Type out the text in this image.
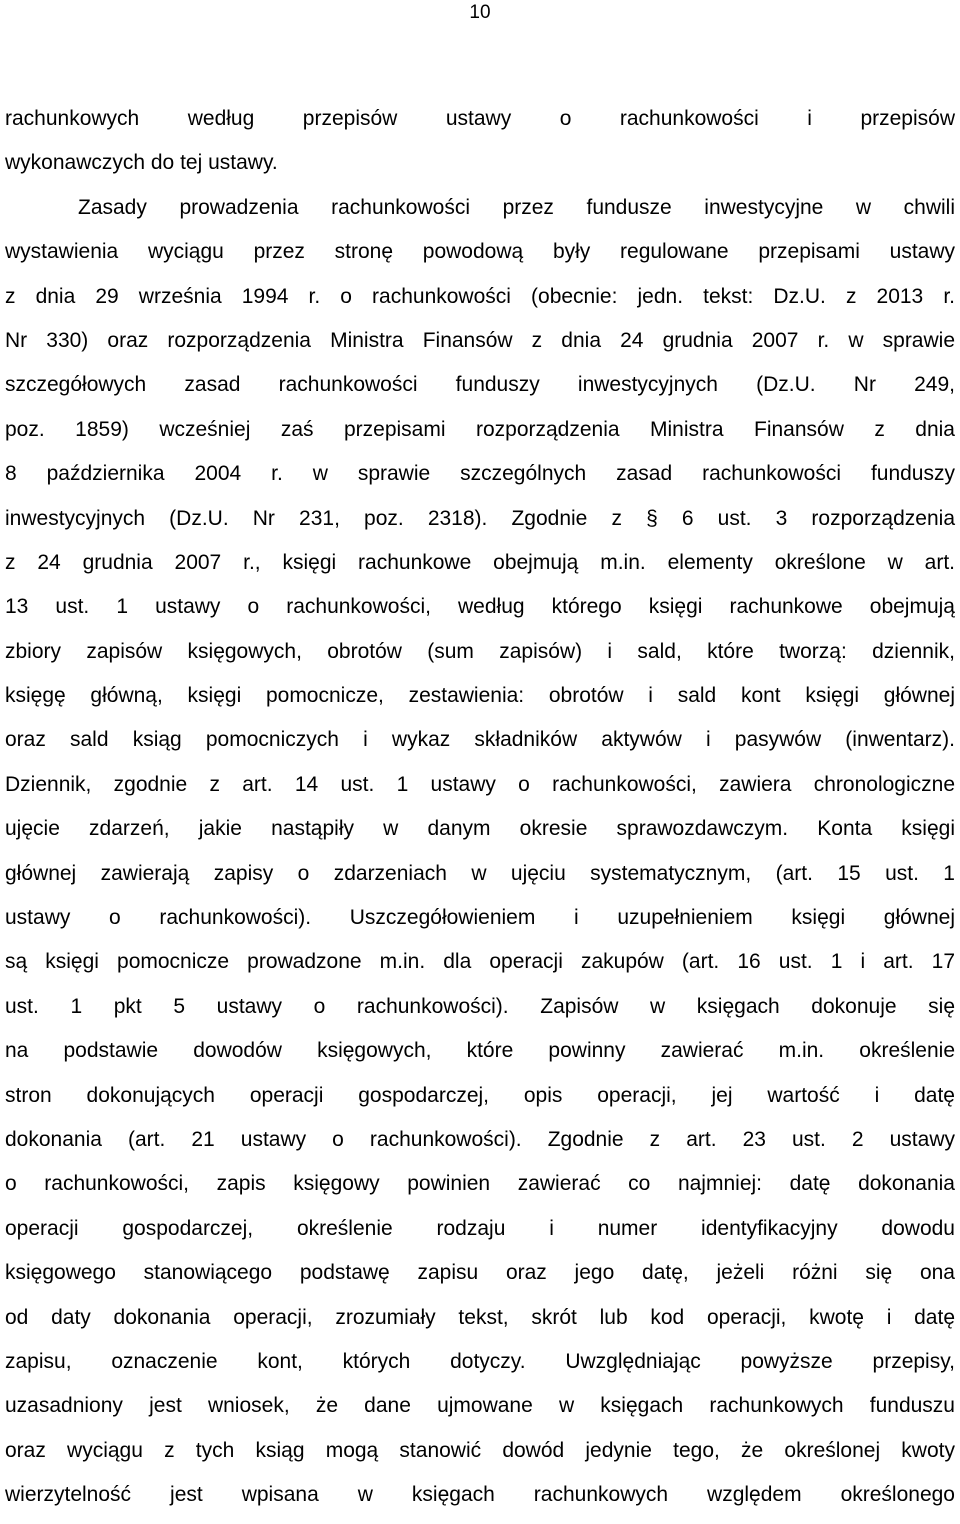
10
rachunkowych według przepisów ustawy o rachunkowości i przepisów
wykonawczych do tej ustawy.
Zasady prowadzenia rachunkowości przez fundusze inwestycyjne w chwili
wystawienia wyciągu przez stronę powodową były regulowane przepisami ustawy
z dnia 29 września 1994 r. o rachunkowości (obecnie: jedn. tekst: Dz.U. z 2013 r.
Nr 330) oraz rozporządzenia Ministra Finansów z dnia 24 grudnia 2007 r. w sprawie
szczegółowych zasad rachunkowości funduszy inwestycyjnych (Dz.U. Nr 249,
poz. 1859) wcześniej zaś przepisami rozporządzenia Ministra Finansów z dnia
8 października 2004 r. w sprawie szczególnych zasad rachunkowości funduszy
inwestycyjnych (Dz.U. Nr 231, poz. 2318). Zgodnie z § 6 ust. 3 rozporządzenia
z 24 grudnia 2007 r., księgi rachunkowe obejmują m.in. elementy określone w art.
13 ust. 1 ustawy o rachunkowości, według którego księgi rachunkowe obejmują
zbiory zapisów księgowych, obrotów (sum zapisów) i sald, które tworzą: dziennik,
księgę główną, księgi pomocnicze, zestawienia: obrotów i sald kont księgi głównej
oraz sald ksiąg pomocniczych i wykaz składników aktywów i pasywów (inwentarz).
Dziennik, zgodnie z art. 14 ust. 1 ustawy o rachunkowości, zawiera chronologiczne
ujęcie zdarzeń, jakie nastąpiły w danym okresie sprawozdawczym. Konta księgi
głównej zawierają zapisy o zdarzeniach w ujęciu systematycznym, (art. 15 ust. 1
ustawy o rachunkowości). Uszczegółowieniem i uzupełnieniem księgi głównej
są księgi pomocnicze prowadzone m.in. dla operacji zakupów (art. 16 ust. 1 i art. 17
ust. 1 pkt 5 ustawy o rachunkowości). Zapisów w księgach dokonuje się
na podstawie dowodów księgowych, które powinny zawierać m.in. określenie
stron dokonujących operacji gospodarczej, opis operacji, jej wartość i datę
dokonania (art. 21 ustawy o rachunkowości). Zgodnie z art. 23 ust. 2 ustawy
o rachunkowości, zapis księgowy powinien zawierać co najmniej: datę dokonania
operacji gospodarczej, określenie rodzaju i numer identyfikacyjny dowodu
księgowego stanowiącego podstawę zapisu oraz jego datę, jeżeli różni się ona
od daty dokonania operacji, zrozumiały tekst, skrót lub kod operacji, kwotę i datę
zapisu, oznaczenie kont, których dotyczy. Uwzględniając powyższe przepisy,
uzasadniony jest wniosek, że dane ujmowane w księgach rachunkowych funduszu
oraz wyciągu z tych ksiąg mogą stanowić dowód jedynie tego, że określonej kwoty
wierzytelność jest wpisana w księgach rachunkowych względem określonego
